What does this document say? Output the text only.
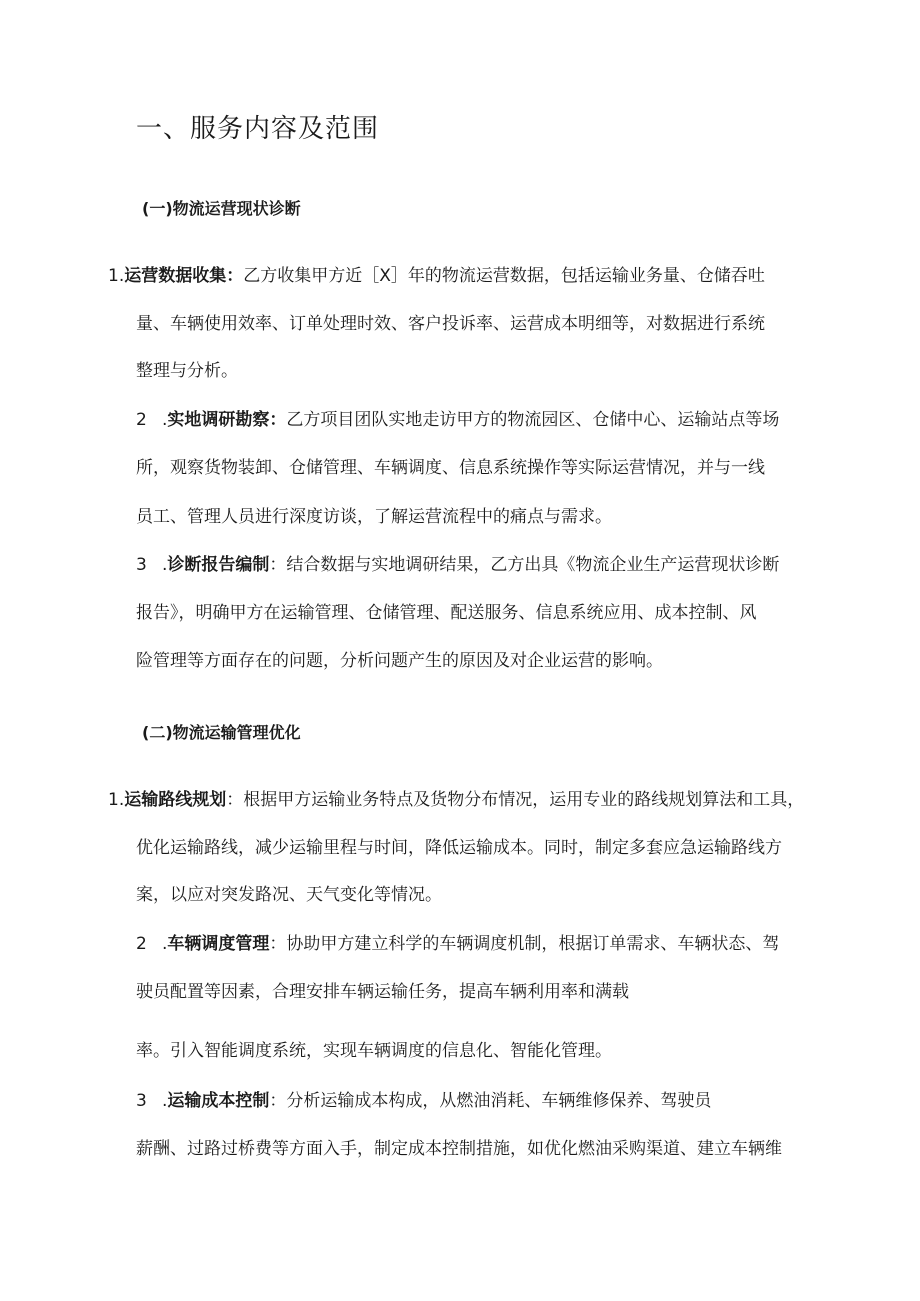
一、服务内容及范围
(一)物流运营现状诊断
1.运营数据收集：乙方收集甲方近［X］年的物流运营数据，包括运输业务量、仓储吞吐
量、车辆使用效率、订单处理时效、客户投诉率、运营成本明细等，对数据进行系统
整理与分析。
2 .实地调研勘察：乙方项目团队实地走访甲方的物流园区、仓储中心、运输站点等场
所，观察货物装卸、仓储管理、车辆调度、信息系统操作等实际运营情况，并与一线
员工、管理人员进行深度访谈，了解运营流程中的痛点与需求。
3 .诊断报告编制：结合数据与实地调研结果，乙方出具《物流企业生产运营现状诊断
报告》，明确甲方在运输管理、仓储管理、配送服务、信息系统应用、成本控制、风
险管理等方面存在的问题，分析问题产生的原因及对企业运营的影响。
(二)物流运输管理优化
1.运输路线规划：根据甲方运输业务特点及货物分布情况，运用专业的路线规划算法和工具，
优化运输路线，减少运输里程与时间，降低运输成本。同时，制定多套应急运输路线方
案，以应对突发路况、天气变化等情况。
2 .车辆调度管理：协助甲方建立科学的车辆调度机制，根据订单需求、车辆状态、驾
驶员配置等因素，合理安排车辆运输任务，提高车辆利用率和满载
率。引入智能调度系统，实现车辆调度的信息化、智能化管理。
3 .运输成本控制：分析运输成本构成，从燃油消耗、车辆维修保养、驾驶员
薪酬、过路过桥费等方面入手，制定成本控制措施，如优化燃油采购渠道、建立车辆维
